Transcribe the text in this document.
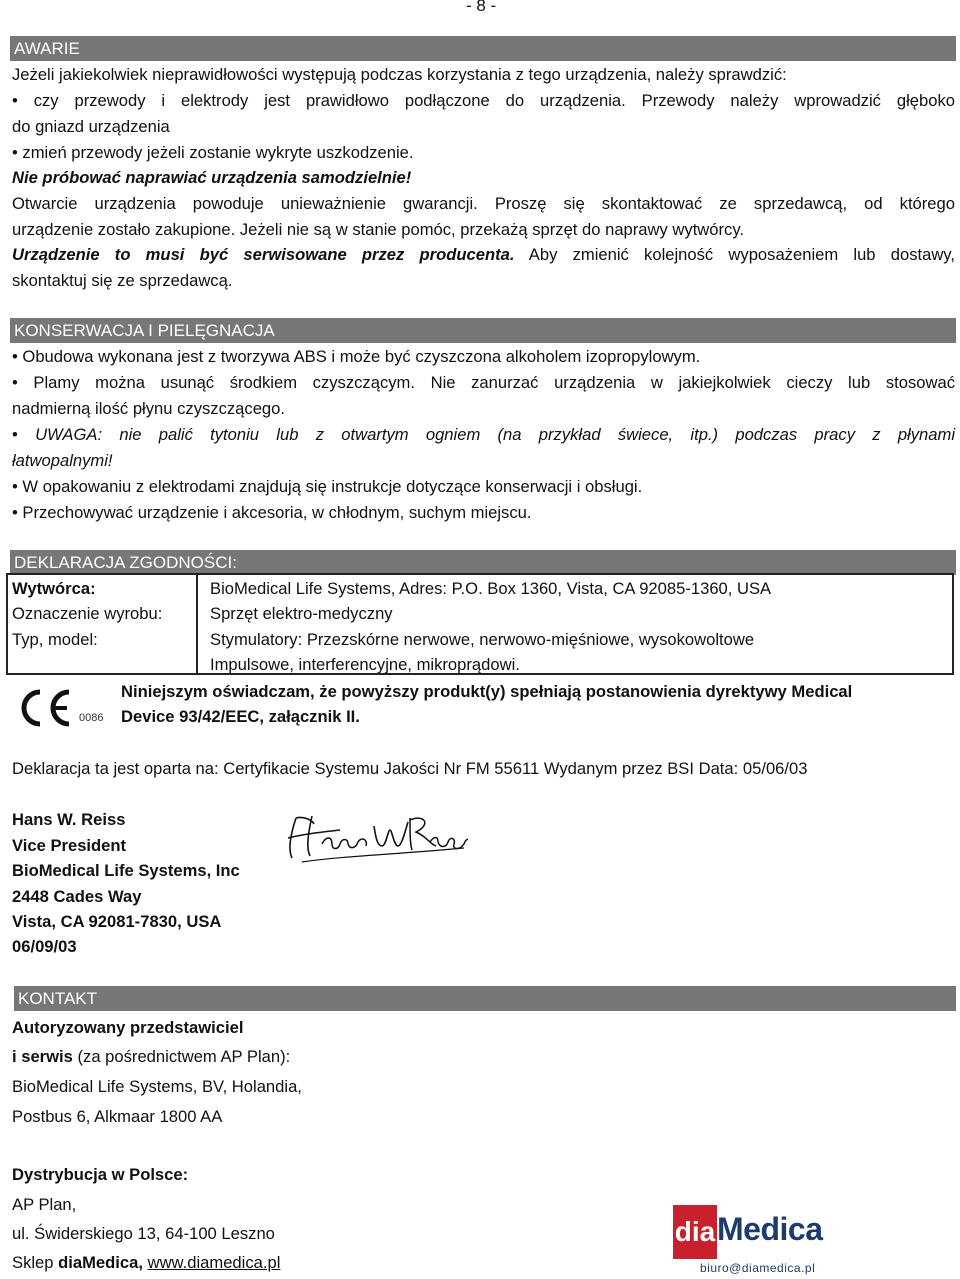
- 8 -
AWARIE
Jeżeli jakiekolwiek nieprawidłowości występują podczas korzystania z tego urządzenia, należy sprawdzić:
• czy przewody i elektrody jest prawidłowo podłączone do urządzenia. Przewody należy wprowadzić głęboko
do gniazd urządzenia
• zmień przewody jeżeli zostanie wykryte uszkodzenie.
Nie próbować naprawiać urządzenia samodzielnie!
Otwarcie urządzenia powoduje unieważnienie gwarancji. Proszę się skontaktować ze sprzedawcą, od którego
urządzenie zostało zakupione. Jeżeli nie są w stanie pomóc, przekażą sprzęt do naprawy wytwórcy.
Urządzenie to musi być serwisowane przez producenta. Aby zmienić kolejność wyposażeniem lub dostawy,
skontaktuj się ze sprzedawcą.
KONSERWACJA I PIELĘGNACJA
• Obudowa wykonana jest z tworzywa ABS i może być czyszczona alkoholem izopropylowym.
• Plamy można usunąć środkiem czyszczącym. Nie zanurzać urządzenia w jakiejkolwiek cieczy lub stosować
nadmierną ilość płynu czyszczącego.
• UWAGA: nie palić tytoniu lub z otwartym ogniem (na przykład świece, itp.) podczas pracy z płynami
łatwopalnymi!
• W opakowaniu z elektrodami znajdują się instrukcje dotyczące konserwacji i obsługi.
• Przechowywać urządzenie i akcesoria, w chłodnym, suchym miejscu.
DEKLARACJA ZGODNOŚCI:
Wytwórca:	BioMedical Life Systems, Adres: P.O. Box 1360, Vista, CA 92085-1360, USA
Oznaczenie wyrobu:	Sprzęt elektro-medyczny
Typ, model:	Stymulatory: Przezskórne nerwowe, nerwowo-mięśniowe, wysokowoltowe
Impulsowe, interferencyjne, mikroprądowi.
0086
Niniejszym oświadczam, że powyższy produkt(y) spełniają postanowienia dyrektywy Medical
Device 93/42/EEC, załącznik II.
Deklaracja ta jest oparta na: Certyfikacie Systemu Jakości Nr FM 55611 Wydanym przez BSI Data: 05/06/03
Hans W. Reiss
Vice President
BioMedical Life Systems, Inc
2448 Cades Way
Vista, CA 92081-7830, USA
06/09/03
KONTAKT
Autoryzowany przedstawiciel
i serwis (za pośrednictwem AP Plan):
BioMedical Life Systems, BV, Holandia,
Postbus 6, Alkmaar 1800 AA
Dystrybucja w Polsce:
AP Plan,
ul. Świderskiego 13, 64-100 Leszno
Sklep diaMedica, www.diamedica.pl
dia Medica
biuro@diamedica.pl
